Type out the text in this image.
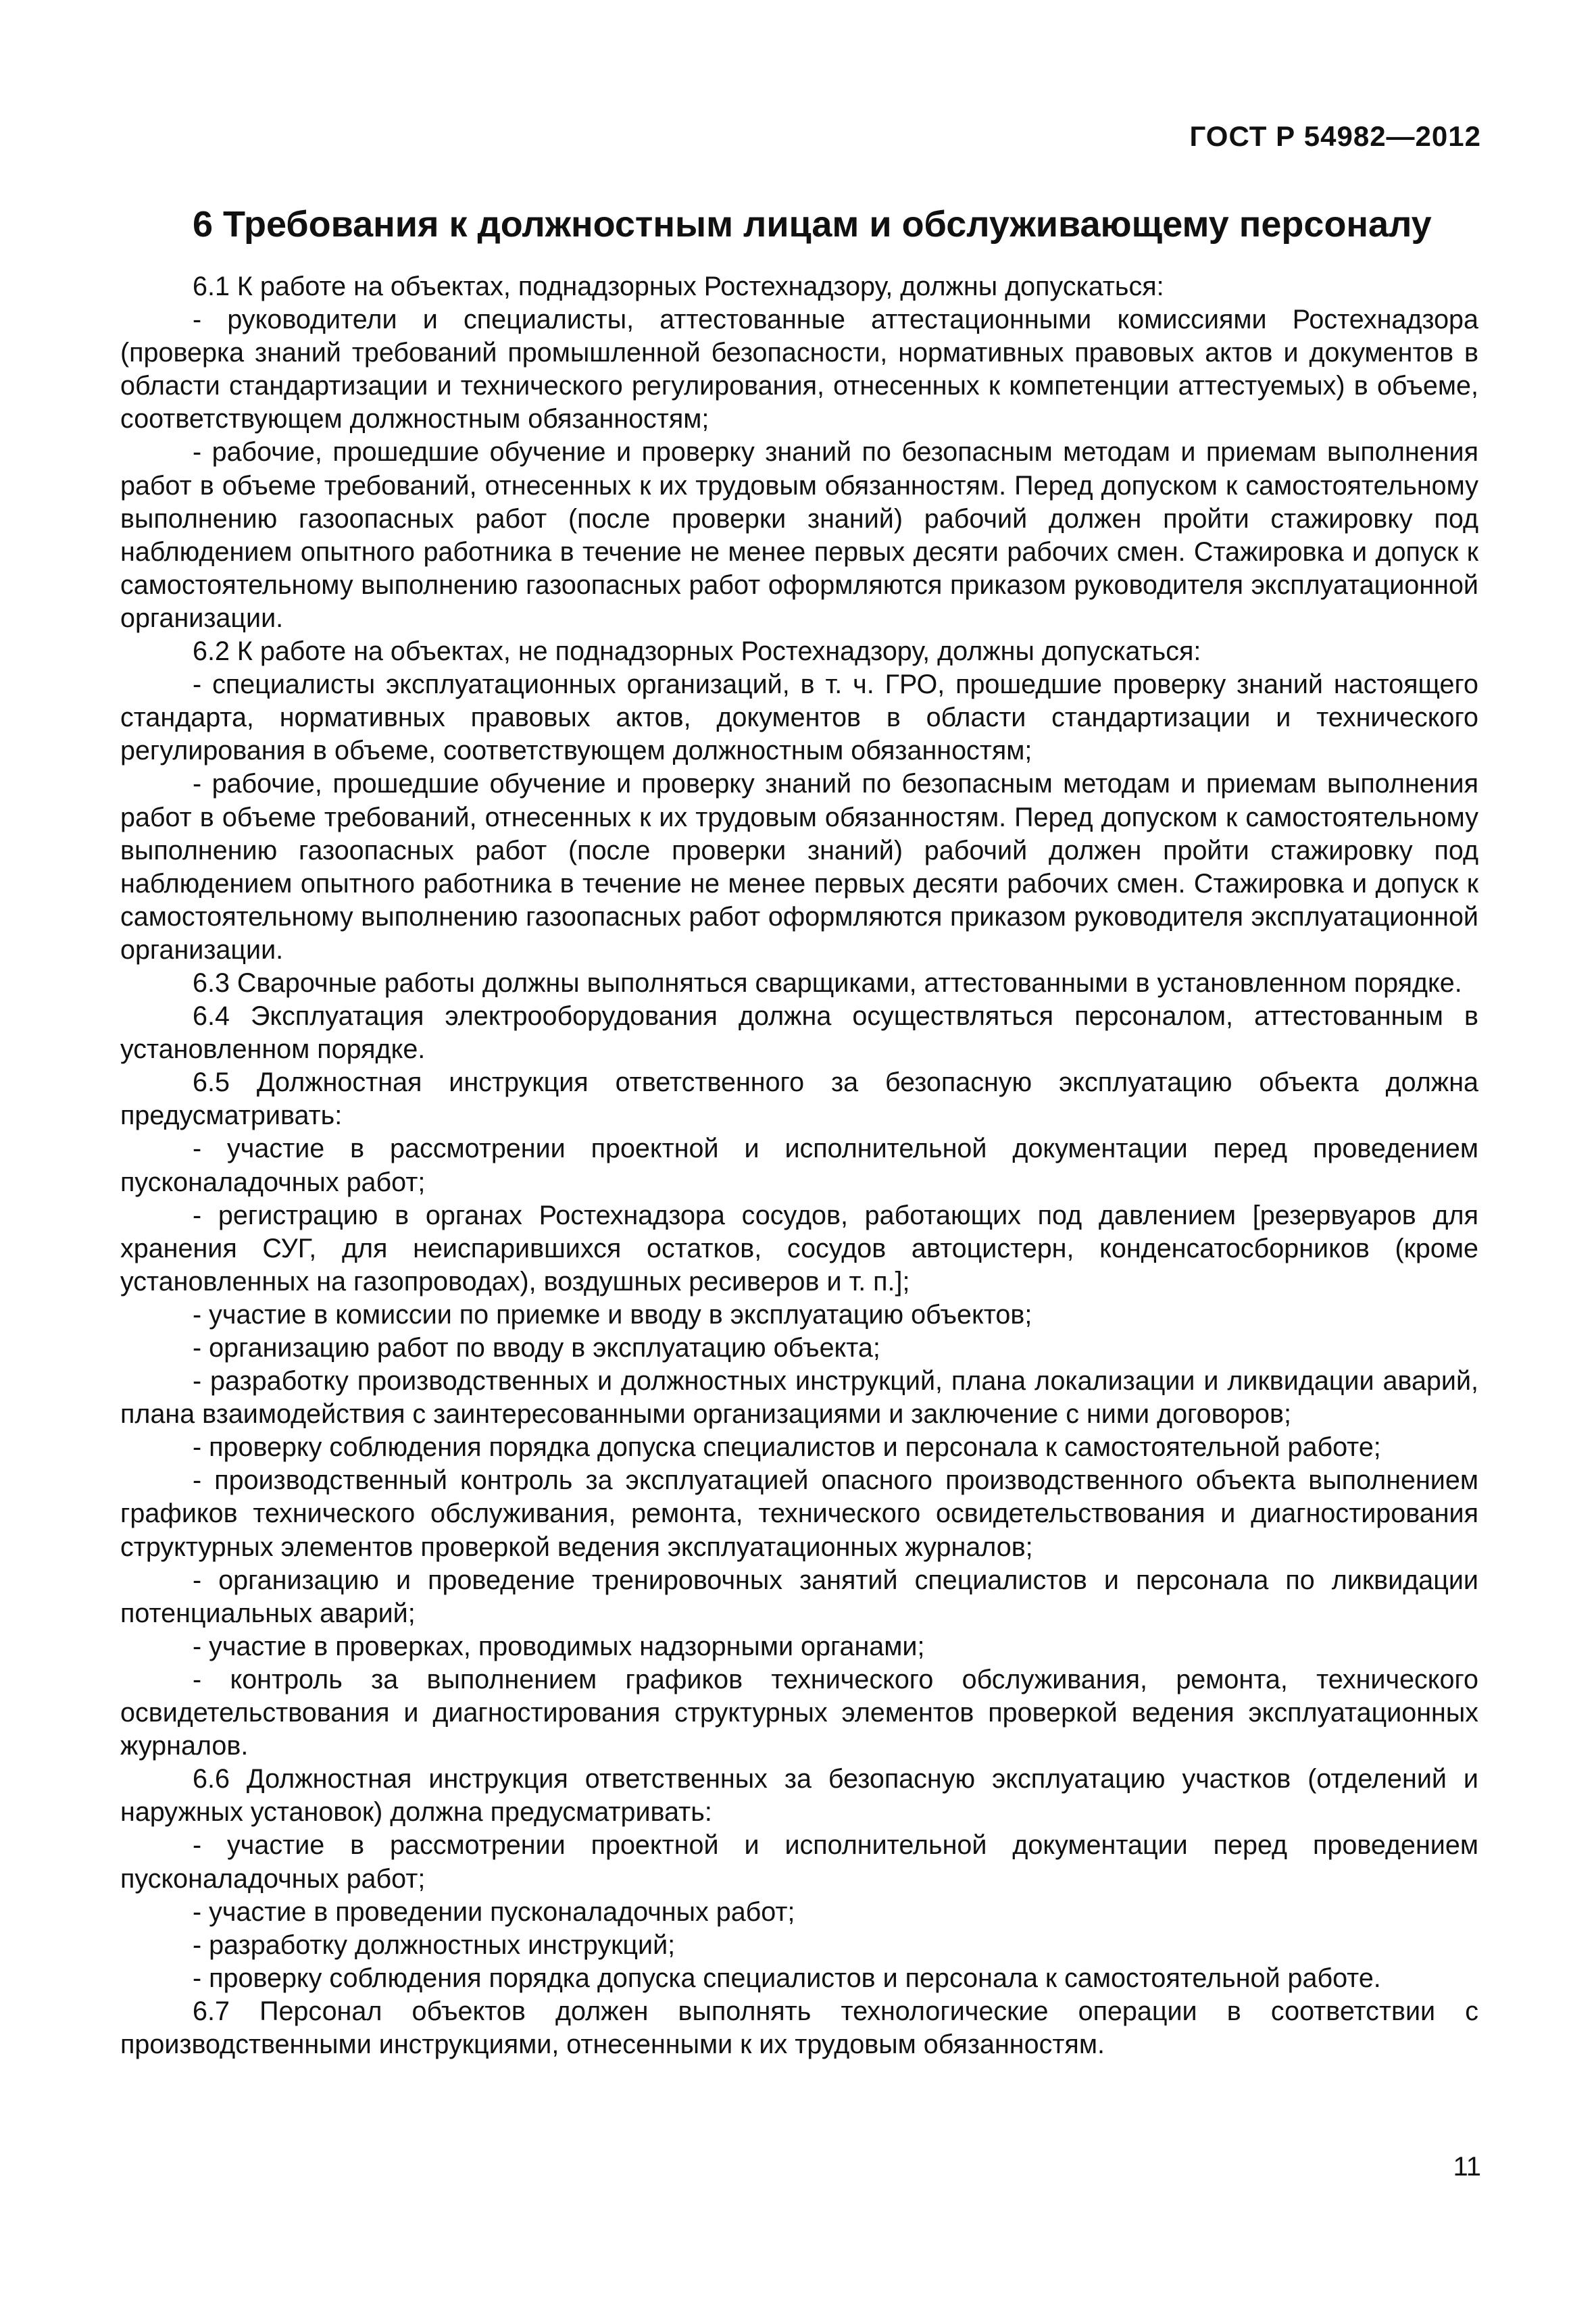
ГОСТ Р 54982—2012
6 Требования к должностным лицам и обслуживающему персоналу

6.1 К работе на объектах, поднадзорных Ростехнадзору, должны допускаться:

- руководители и специалисты, аттестованные аттестационными комиссиями Ростехнадзора (проверка знаний требований промышленной безопасности, нормативных правовых актов и документов в области стандартизации и технического регулирования, отнесенных к компетенции аттестуемых) в объеме, соответствующем должностным обязанностям;

- рабочие, прошедшие обучение и проверку знаний по безопасным методам и приемам выполнения работ в объеме требований, отнесенных к их трудовым обязанностям. Перед допуском к самостоятельному выполнению газоопасных работ (после проверки знаний) рабочий должен пройти стажировку под наблюдением опытного работника в течение не менее первых десяти рабочих смен. Стажировка и допуск к самостоятельному выполнению газоопасных работ оформляются приказом руководителя эксплуатационной организации.

6.2 К работе на объектах, не поднадзорных Ростехнадзору, должны допускаться:

- специалисты эксплуатационных организаций, в т. ч. ГРО, прошедшие проверку знаний настоящего стандарта, нормативных правовых актов, документов в области стандартизации и технического регулирования в объеме, соответствующем должностным обязанностям;

- рабочие, прошедшие обучение и проверку знаний по безопасным методам и приемам выполнения работ в объеме требований, отнесенных к их трудовым обязанностям. Перед допуском к самостоятельному выполнению газоопасных работ (после проверки знаний) рабочий должен пройти стажировку под наблюдением опытного работника в течение не менее первых десяти рабочих смен. Стажировка и допуск к самостоятельному выполнению газоопасных работ оформляются приказом руководителя эксплуатационной организации.

6.3 Сварочные работы должны выполняться сварщиками, аттестованными в установленном порядке.

6.4 Эксплуатация электрооборудования должна осуществляться персоналом, аттестованным в установленном порядке.

6.5 Должностная инструкция ответственного за безопасную эксплуатацию объекта должна предусматривать:

- участие в рассмотрении проектной и исполнительной документации перед проведением пусконаладочных работ;

- регистрацию в органах Ростехнадзора сосудов, работающих под давлением [резервуаров для хранения СУГ, для неиспарившихся остатков, сосудов автоцистерн, конденсатосборников (кроме установленных на газопроводах), воздушных ресиверов и т. п.];

- участие в комиссии по приемке и вводу в эксплуатацию объектов;

- организацию работ по вводу в эксплуатацию объекта;

- разработку производственных и должностных инструкций, плана локализации и ликвидации аварий, плана взаимодействия с заинтересованными организациями и заключение с ними договоров;

- проверку соблюдения порядка допуска специалистов и персонала к самостоятельной работе;

- производственный контроль за эксплуатацией опасного производственного объекта выполнением графиков технического обслуживания, ремонта, технического освидетельствования и диагностирования структурных элементов проверкой ведения эксплуатационных журналов;

- организацию и проведение тренировочных занятий специалистов и персонала по ликвидации потенциальных аварий;

- участие в проверках, проводимых надзорными органами;

- контроль за выполнением графиков технического обслуживания, ремонта, технического освидетельствования и диагностирования структурных элементов проверкой ведения эксплуатационных журналов.

6.6 Должностная инструкция ответственных за безопасную эксплуатацию участков (отделений и наружных установок) должна предусматривать:

- участие в рассмотрении проектной и исполнительной документации перед проведением пусконаладочных работ;

- участие в проведении пусконаладочных работ;

- разработку должностных инструкций;

- проверку соблюдения порядка допуска специалистов и персонала к самостоятельной работе.

6.7 Персонал объектов должен выполнять технологические операции в соответствии с производственными инструкциями, отнесенными к их трудовым обязанностям.

11
